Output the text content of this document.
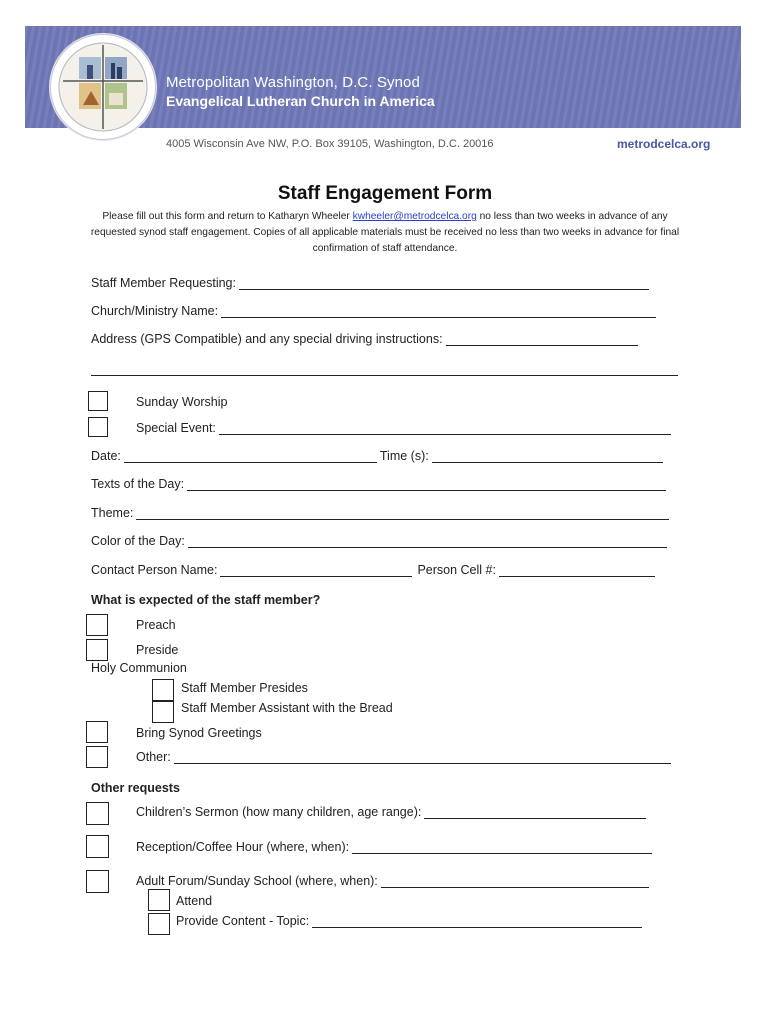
Metropolitan Washington, D.C. Synod
Evangelical Lutheran Church in America
4005 Wisconsin Ave NW, P.O. Box 39105, Washington, D.C. 20016	metrodcelca.org
Staff Engagement Form
Please fill out this form and return to Katharyn Wheeler kwheeler@metrodcelca.org no less than two weeks in advance of any requested synod staff engagement. Copies of all applicable materials must be received no less than two weeks in advance for final confirmation of staff attendance.
Staff Member Requesting:
Church/Ministry Name:
Address (GPS Compatible) and any special driving instructions:
Sunday Worship
Special Event:
Date:	Time (s):
Texts of the Day:
Theme:
Color of the Day:
Contact Person Name:	Person Cell #:
What is expected of the staff member?
Preach
Preside
Holy Communion
Staff Member Presides
Staff Member Assistant with the Bread
Bring Synod Greetings
Other:
Other requests
Children’s Sermon (how many children, age range):
Reception/Coffee Hour (where, when):
Adult Forum/Sunday School (where, when):
Attend
Provide Content - Topic:
